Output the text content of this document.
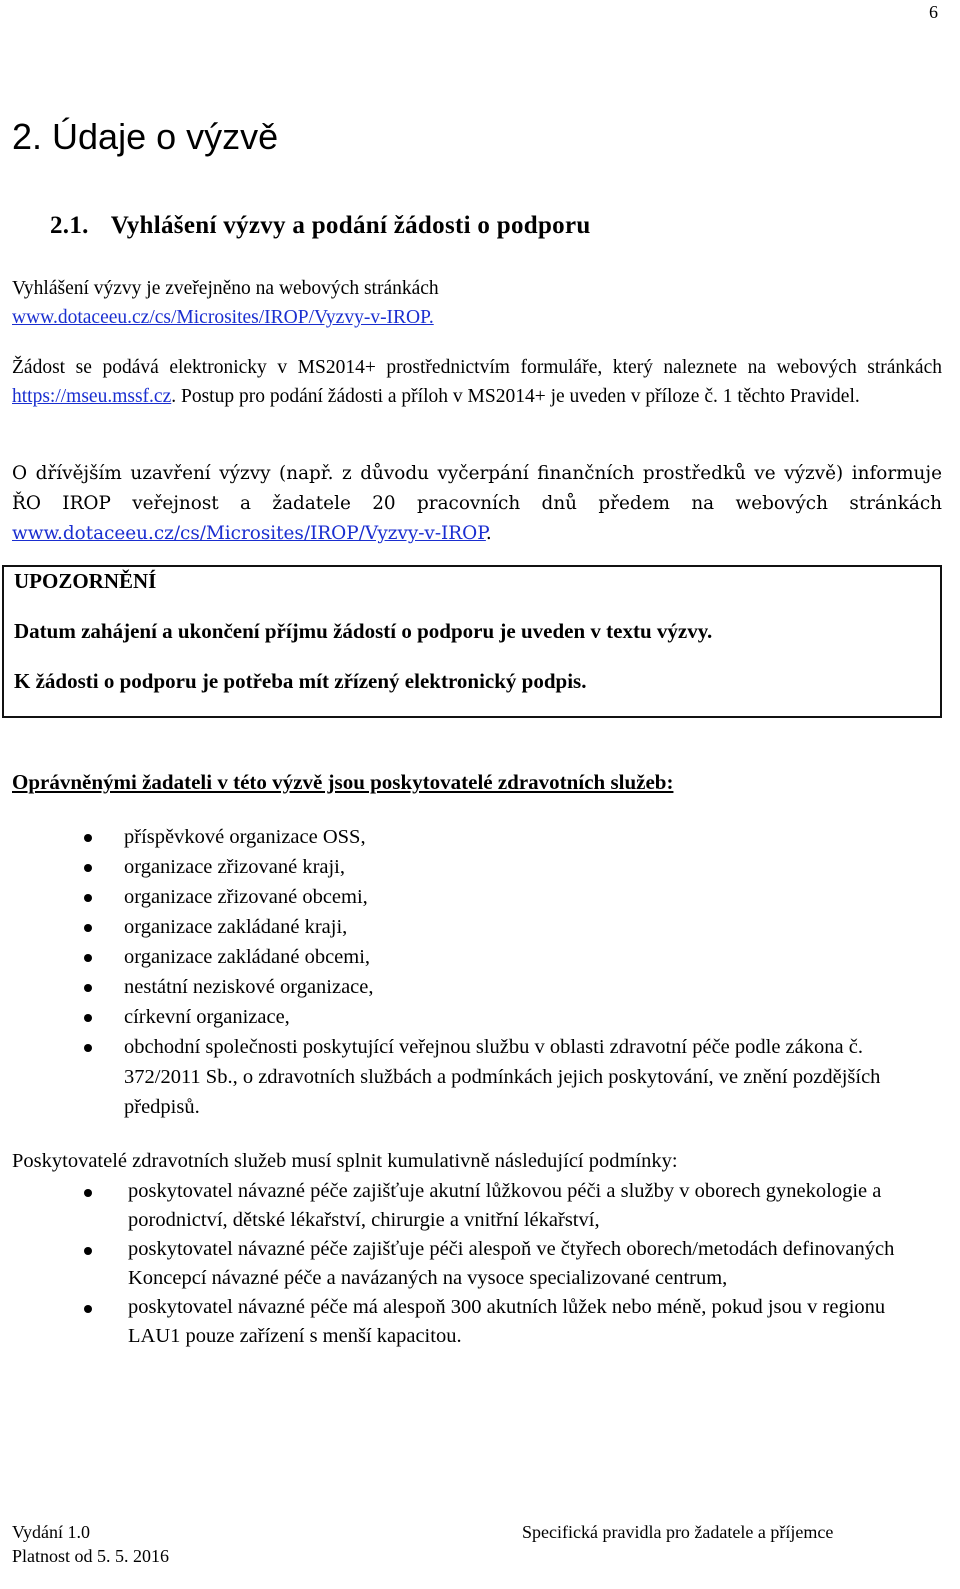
6
2. Údaje o výzvě
2.1. Vyhlášení výzvy a podání žádosti o podporu
Vyhlášení výzvy je zveřejněno na webových stránkách
www.dotaceeu.cz/cs/Microsites/IROP/Vyzvy-v-IROP.
Žádost se podává elektronicky v MS2014+ prostřednictvím formuláře, který naleznete na webových stránkách https://mseu.mssf.cz. Postup pro podání žádosti a příloh v MS2014+ je uveden v příloze č. 1 těchto Pravidel.
O dřívějším uzavření výzvy (např. z důvodu vyčerpání finančních prostředků ve výzvě) informuje ŘO IROP veřejnost a žadatele 20 pracovních dnů předem na webových stránkách www.dotaceeu.cz/cs/Microsites/IROP/Vyzvy-v-IROP.
UPOZORNĚNÍ
Datum zahájení a ukončení příjmu žádostí o podporu je uveden v textu výzvy.
K žádosti o podporu je potřeba mít zřízený elektronický podpis.
Oprávněnými žadateli v této výzvě jsou poskytovatelé zdravotních služeb:
příspěvkové organizace OSS,
organizace zřizované kraji,
organizace zřizované obcemi,
organizace zakládané kraji,
organizace zakládané obcemi,
nestátní neziskové organizace,
církevní organizace,
obchodní společnosti poskytující veřejnou službu v oblasti zdravotní péče podle zákona č. 372/2011 Sb., o zdravotních službách a podmínkách jejich poskytování, ve znění pozdějších předpisů.
Poskytovatelé zdravotních služeb musí splnit kumulativně následující podmínky:
poskytovatel návazné péče zajišťuje akutní lůžkovou péči a služby v oborech gynekologie a porodnictví, dětské lékařství, chirurgie a vnitřní lékařství,
poskytovatel návazné péče zajišťuje péči alespoň ve čtyřech oborech/metodách definovaných Koncepcí návazné péče a navázaných na vysoce specializované centrum,
poskytovatel návazné péče má alespoň 300 akutních lůžek nebo méně, pokud jsou v regionu LAU1 pouze zařízení s menší kapacitou.
Vydání 1.0
Platnost od 5. 5. 2016
Specifická pravidla pro žadatele a příjemce
